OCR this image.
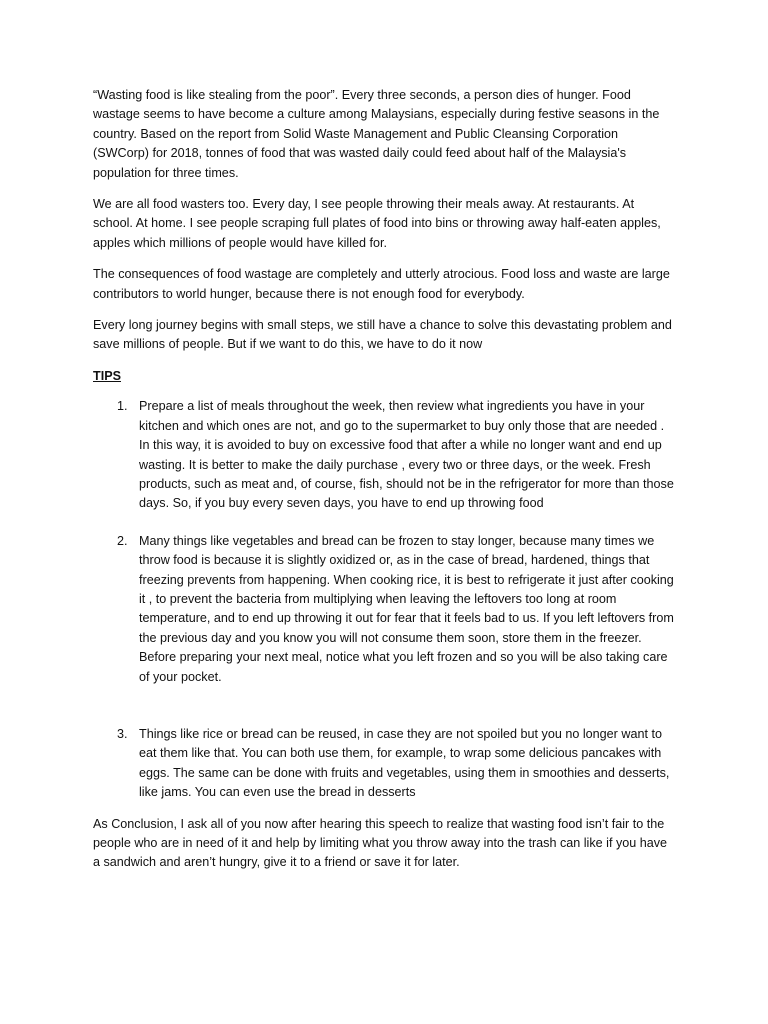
“Wasting food is like stealing from the poor”. Every three seconds, a person dies of hunger. Food wastage seems to have become a culture among Malaysians, especially during festive seasons in the country. Based on the report from Solid Waste Management and Public Cleansing Corporation (SWCorp) for 2018, tonnes of food that was wasted daily could feed about half of the Malaysia's population for three times.

We are all food wasters too. Every day, I see people throwing their meals away. At restaurants. At school. At home. I see people scraping full plates of food into bins or throwing away half-eaten apples, apples which millions of people would have killed for.

The consequences of food wastage are completely and utterly atrocious. Food loss and waste are large contributors to world hunger, because there is not enough food for everybody.

Every long journey begins with small steps, we still have a chance to solve this devastating problem and save millions of people. But if we want to do this, we have to do it now

TIPS
1. Prepare a list of meals throughout the week, then review what ingredients you have in your kitchen and which ones are not, and go to the supermarket to buy only those that are needed . In this way, it is avoided to buy on excessive food that after a while no longer want and end up wasting. It is better to make the daily purchase , every two or three days, or the week. Fresh products, such as meat and, of course, fish, should not be in the refrigerator for more than those days. So, if you buy every seven days, you have to end up throwing food
2. Many things like vegetables and bread can be frozen to stay longer, because many times we throw food is because it is slightly oxidized or, as in the case of bread, hardened, things that freezing prevents from happening. When cooking rice, it is best to refrigerate it just after cooking it , to prevent the bacteria from multiplying when leaving the leftovers too long at room temperature, and to end up throwing it out for fear that it feels bad to us. If you left leftovers from the previous day and you know you will not consume them soon, store them in the freezer. Before preparing your next meal, notice what you left frozen and so you will be also taking care of your pocket.
3. Things like rice or bread can be reused, in case they are not spoiled but you no longer want to eat them like that. You can both use them, for example, to wrap some delicious pancakes with eggs. The same can be done with fruits and vegetables, using them in smoothies and desserts, like jams. You can even use the bread in desserts

As Conclusion, I ask all of you now after hearing this speech to realize that wasting food isn’t fair to the people who are in need of it and help by limiting what you throw away into the trash can like if you have a sandwich and aren’t hungry, give it to a friend or save it for later.
